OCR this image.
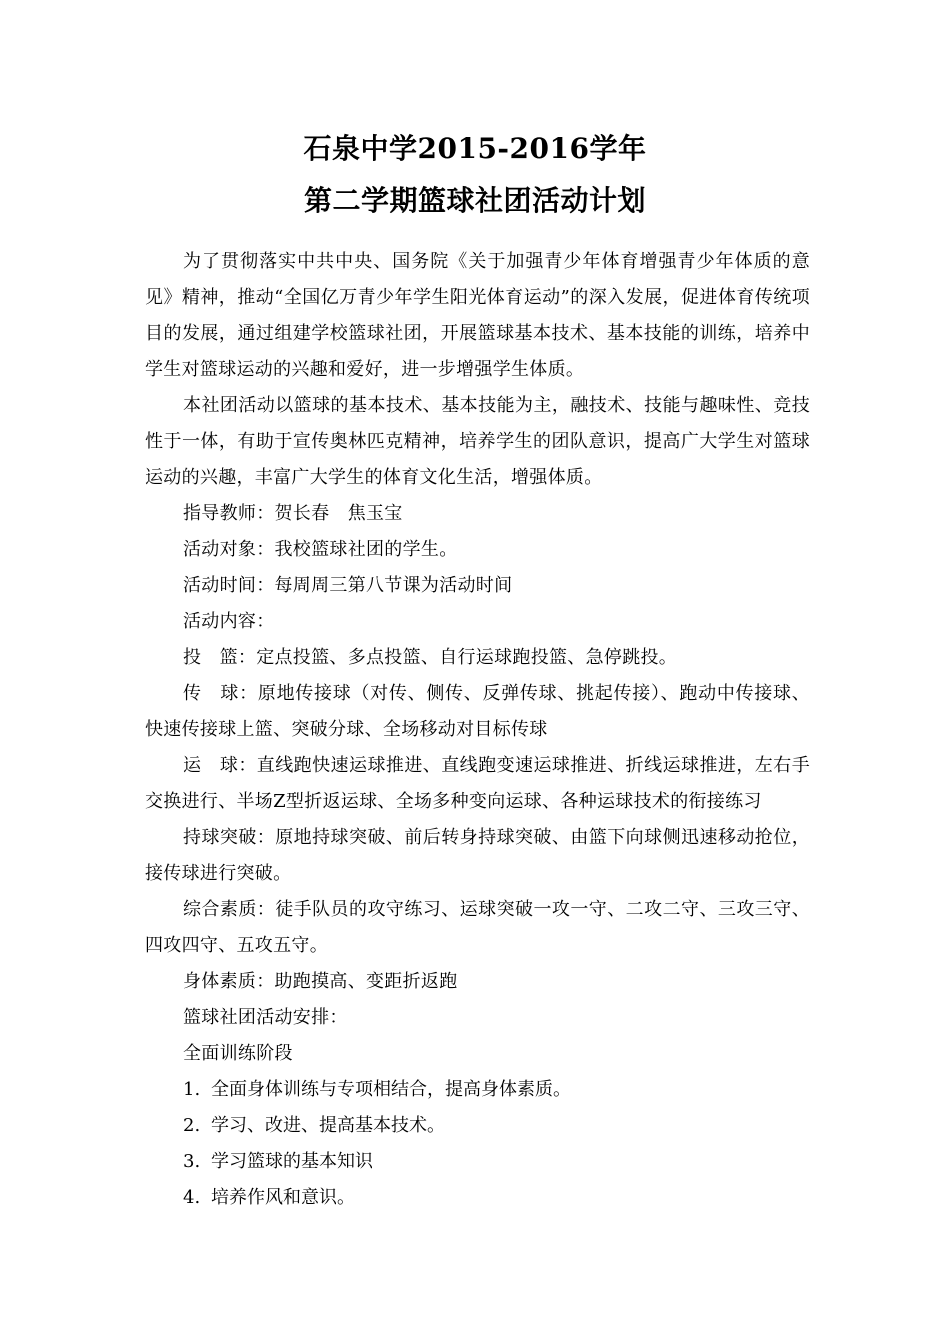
石泉中学2015-2016学年
第二学期篮球社团活动计划

为了贯彻落实中共中央、国务院《关于加强青少年体育增强青少年体质的意见》精神，推动“全国亿万青少年学生阳光体育运动”的深入发展，促进体育传统项目的发展，通过组建学校篮球社团，开展篮球基本技术、基本技能的训练，培养中学生对篮球运动的兴趣和爱好，进一步增强学生体质。

本社团活动以篮球的基本技术、基本技能为主，融技术、技能与趣味性、竞技性于一体，有助于宣传奥林匹克精神，培养学生的团队意识，提高广大学生对篮球运动的兴趣，丰富广大学生的体育文化生活，增强体质。

指导教师：贺长春　焦玉宝

活动对象：我校篮球社团的学生。

活动时间：每周周三第八节课为活动时间

活动内容：

投　篮：定点投篮、多点投篮、自行运球跑投篮、急停跳投。

传　球：原地传接球（对传、侧传、反弹传球、挑起传接）、跑动中传接球、快速传接球上篮、突破分球、全场移动对目标传球

运　球：直线跑快速运球推进、直线跑变速运球推进、折线运球推进，左右手交换进行、半场Z型折返运球、全场多种变向运球、各种运球技术的衔接练习

持球突破：原地持球突破、前后转身持球突破、由篮下向球侧迅速移动抢位，接传球进行突破。

综合素质：徒手队员的攻守练习、运球突破一攻一守、二攻二守、三攻三守、四攻四守、五攻五守。

身体素质：助跑摸高、变距折返跑

篮球社团活动安排：

全面训练阶段

1. 全面身体训练与专项相结合，提高身体素质。

2. 学习、改进、提高基本技术。

3. 学习篮球的基本知识

4. 培养作风和意识。
